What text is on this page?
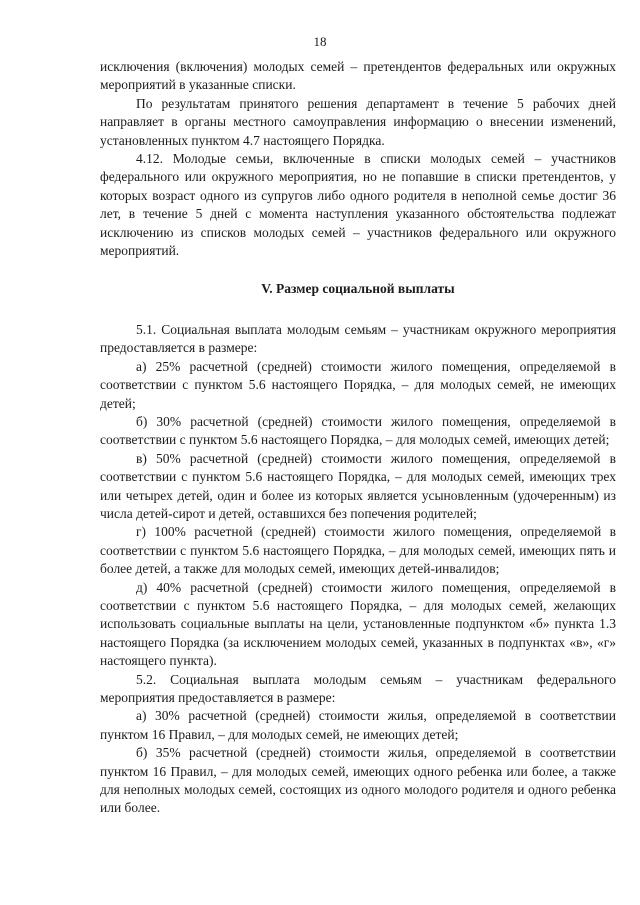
18

исключения (включения) молодых семей – претендентов федеральных или окружных мероприятий в указанные списки.

По результатам принятого решения департамент в течение 5 рабочих дней направляет в органы местного самоуправления информацию о внесении изменений, установленных пунктом 4.7 настоящего Порядка.

4.12. Молодые семьи, включенные в списки молодых семей – участников федерального или окружного мероприятия, но не попавшие в списки претендентов, у которых возраст одного из супругов либо одного родителя в неполной семье достиг 36 лет, в течение 5 дней с момента наступления указанного обстоятельства подлежат исключению из списков молодых семей – участников федерального или окружного мероприятий.

V. Размер социальной выплаты

5.1. Социальная выплата молодым семьям – участникам окружного мероприятия предоставляется в размере:

а) 25% расчетной (средней) стоимости жилого помещения, определяемой в соответствии с пунктом 5.6 настоящего Порядка, – для молодых семей, не имеющих детей;

б) 30% расчетной (средней) стоимости жилого помещения, определяемой в соответствии с пунктом 5.6 настоящего Порядка, – для молодых семей, имеющих детей;

в) 50% расчетной (средней) стоимости жилого помещения, определяемой в соответствии с пунктом 5.6 настоящего Порядка, – для молодых семей, имеющих трех или четырех детей, один и более из которых является усыновленным (удочеренным) из числа детей-сирот и детей, оставшихся без попечения родителей;

г) 100% расчетной (средней) стоимости жилого помещения, определяемой в соответствии с пунктом 5.6 настоящего Порядка, – для молодых семей, имеющих пять и более детей, а также для молодых семей, имеющих детей-инвалидов;

д) 40% расчетной (средней) стоимости жилого помещения, определяемой в соответствии с пунктом 5.6 настоящего Порядка, – для молодых семей, желающих использовать социальные выплаты на цели, установленные подпунктом «б» пункта 1.3 настоящего Порядка (за исключением молодых семей, указанных в подпунктах «в», «г» настоящего пункта).

5.2. Социальная выплата молодым семьям – участникам федерального мероприятия предоставляется в размере:

а) 30% расчетной (средней) стоимости жилья, определяемой в соответствии пунктом 16 Правил, – для молодых семей, не имеющих детей;

б) 35% расчетной (средней) стоимости жилья, определяемой в соответствии пунктом 16 Правил, – для молодых семей, имеющих одного ребенка или более, а также для неполных молодых семей, состоящих из одного молодого родителя и одного ребенка или более.
